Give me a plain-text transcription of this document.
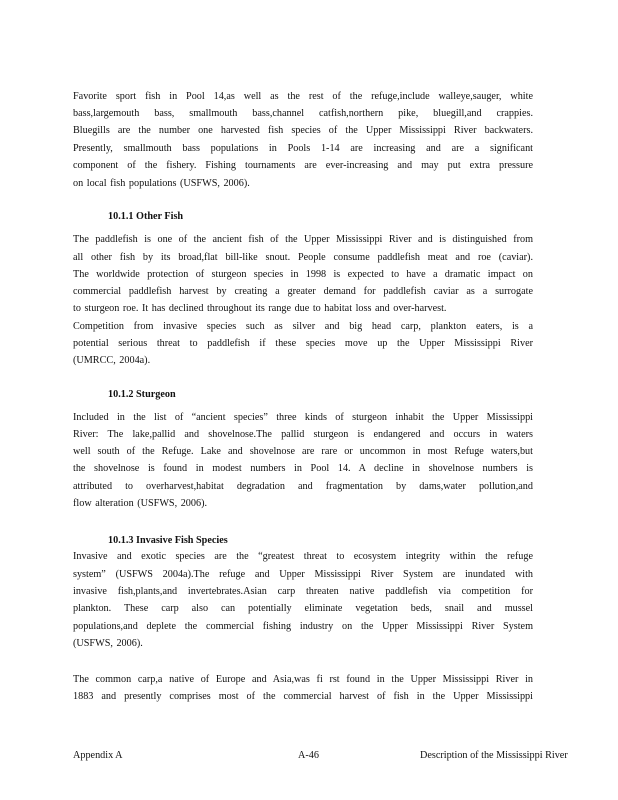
Favorite sport fish in Pool 14,as well as the rest of the refuge,include walleye,sauger, white
bass,largemouth bass, smallmouth bass,channel catfish,northern pike, bluegill,and crappies.
Bluegills are the number one harvested fish species of the Upper Mississippi River backwaters.
Presently, smallmouth bass populations in Pools 1-14 are increasing and are a significant
component of the fishery. Fishing tournaments are ever-increasing and may put extra pressure
on local fish populations (USFWS, 2006).
10.1.1 Other Fish
The paddlefish is one of the ancient fish of the Upper Mississippi River and is distinguished from
all other fish by its broad,flat bill-like snout. People consume paddlefish meat and roe (caviar).
The worldwide protection of sturgeon species in 1998 is expected to have a dramatic impact on
commercial paddlefish harvest by creating a greater demand for paddlefish caviar as a surrogate
to sturgeon roe. It has declined throughout its range due to habitat loss and over-harvest.
Competition from invasive species such as silver and big head carp, plankton eaters, is a
potential serious threat to paddlefish if these species move up the Upper Mississippi River
(UMRCC, 2004a).
10.1.2 Sturgeon
Included in the list of “ancient species” three kinds of sturgeon inhabit the Upper Mississippi
River: The lake,pallid and shovelnose.The pallid sturgeon is endangered and occurs in waters
well south of the Refuge. Lake and shovelnose are rare or uncommon in most Refuge waters,but
the shovelnose is found in modest numbers in Pool 14. A decline in shovelnose numbers is
attributed to overharvest,habitat degradation and fragmentation by dams,water pollution,and
flow alteration (USFWS, 2006).
10.1.3 Invasive Fish Species
Invasive and exotic species are the “greatest threat to ecosystem integrity within the refuge
system” (USFWS 2004a).The refuge and Upper Mississippi River System are inundated with
invasive fish,plants,and invertebrates.Asian carp threaten native paddlefish via competition for
plankton. These carp also can potentially eliminate vegetation beds, snail and mussel
populations,and deplete the commercial fishing industry on the Upper Mississippi River System
(USFWS, 2006).
The common carp,a native of Europe and Asia,was fi rst found in the Upper Mississippi River in
1883 and presently comprises most of the commercial harvest of fish in the Upper Mississippi
Appendix A	A-46	Description of the Mississippi River
